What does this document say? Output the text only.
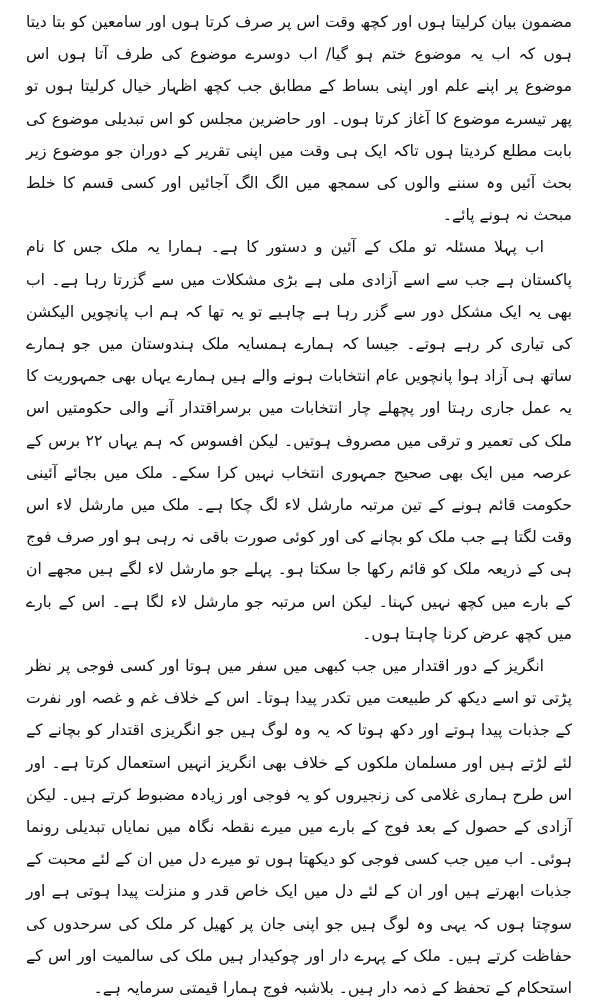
مضمون بیان کرلیتا ہوں اور کچھ وقت اس پر صرف کرتا ہوں اور سامعین کو بتا دیتا ہوں کہ اب یہ موضوع ختم ہو گیا/ اب دوسرے موضوع کی طرف آتا ہوں اس موضوع پر اپنے علم اور اپنی بساط کے مطابق جب کچھ اظہار خیال کرلیتا ہوں تو پھر تیسرے موضوع کا آغاز کرتا ہوں۔ اور حاضرین مجلس کو اس تبدیلی موضوع کی بابت مطلع کردیتا ہوں تاکہ ایک ہی وقت میں اپنی تقریر کے دوران جو موضوع زیر بحث آئیں وہ سننے والوں کی سمجھ میں الگ الگ آجائیں اور کسی قسم کا خلط مبحث نہ ہونے پائے۔

اب پہلا مسئلہ تو ملک کے آئین و دستور کا ہے۔ ہمارا یہ ملک جس کا نام پاکستان ہے جب سے اسے آزادی ملی ہے بڑی مشکلات میں سے گزرتا رہا ہے۔ اب بھی یہ ایک مشکل دور سے گزر رہا ہے چاہیے تو یہ تھا کہ ہم اب پانچویں الیکشن کی تیاری کر رہے ہوتے۔ جیسا کہ ہمارے ہمسایہ ملک ہندوستان میں جو ہمارے ساتھ ہی آزاد ہوا پانچویں عام انتخابات ہونے والے ہیں ہمارے یہاں بھی جمہوریت کا یہ عمل جاری رہتا اور پچھلے چار انتخابات میں برسراقتدار آنے والی حکومتیں اس ملک کی تعمیر و ترقی میں مصروف ہوتیں۔ لیکن افسوس کہ ہم یہاں ۲۲ برس کے عرصہ میں ایک بھی صحیح جمہوری انتخاب نہیں کرا سکے۔ ملک میں بجائے آئینی حکومت قائم ہونے کے تین مرتبہ مارشل لاء لگ چکا ہے۔ ملک میں مارشل لاء اس وقت لگتا ہے جب ملک کو بچانے کی اور کوئی صورت باقی نہ رہی ہو اور صرف فوج ہی کے ذریعہ ملک کو قائم رکھا جا سکتا ہو۔ پہلے جو مارشل لاء لگے ہیں مجھے ان کے بارے میں کچھ نہیں کہنا۔ لیکن اس مرتبہ جو مارشل لاء لگا ہے۔ اس کے بارے میں کچھ عرض کرنا چاہتا ہوں۔

انگریز کے دور اقتدار میں جب کبھی میں سفر میں ہوتا اور کسی فوجی پر نظر پڑتی تو اسے دیکھ کر طبیعت میں تکدر پیدا ہوتا۔ اس کے خلاف غم و غصہ اور نفرت کے جذبات پیدا ہوتے اور دکھ ہوتا کہ یہ وہ لوگ ہیں جو انگریزی اقتدار کو بچانے کے لئے لڑتے ہیں اور مسلمان ملکوں کے خلاف بھی انگریز انہیں استعمال کرتا ہے۔ اور اس طرح ہماری غلامی کی زنجیروں کو یہ فوجی اور زیادہ مضبوط کرتے ہیں۔ لیکن آزادی کے حصول کے بعد فوج کے بارے میں میرے نقطہ نگاہ میں نمایاں تبدیلی رونما ہوئی۔ اب میں جب کسی فوجی کو دیکھتا ہوں تو میرے دل میں ان کے لئے محبت کے جذبات ابھرتے ہیں اور ان کے لئے دل میں ایک خاص قدر و منزلت پیدا ہوتی ہے اور سوچتا ہوں کہ یہی وہ لوگ ہیں جو اپنی جان پر کھیل کر ملک کی سرحدوں کی حفاظت کرتے ہیں۔ ملک کے پہرے دار اور چوکیدار ہیں ملک کی سالمیت اور اس کے استحکام کے تحفظ کے ذمہ دار ہیں۔ بلاشبہ فوج ہمارا قیمتی سرمایہ ہے۔
